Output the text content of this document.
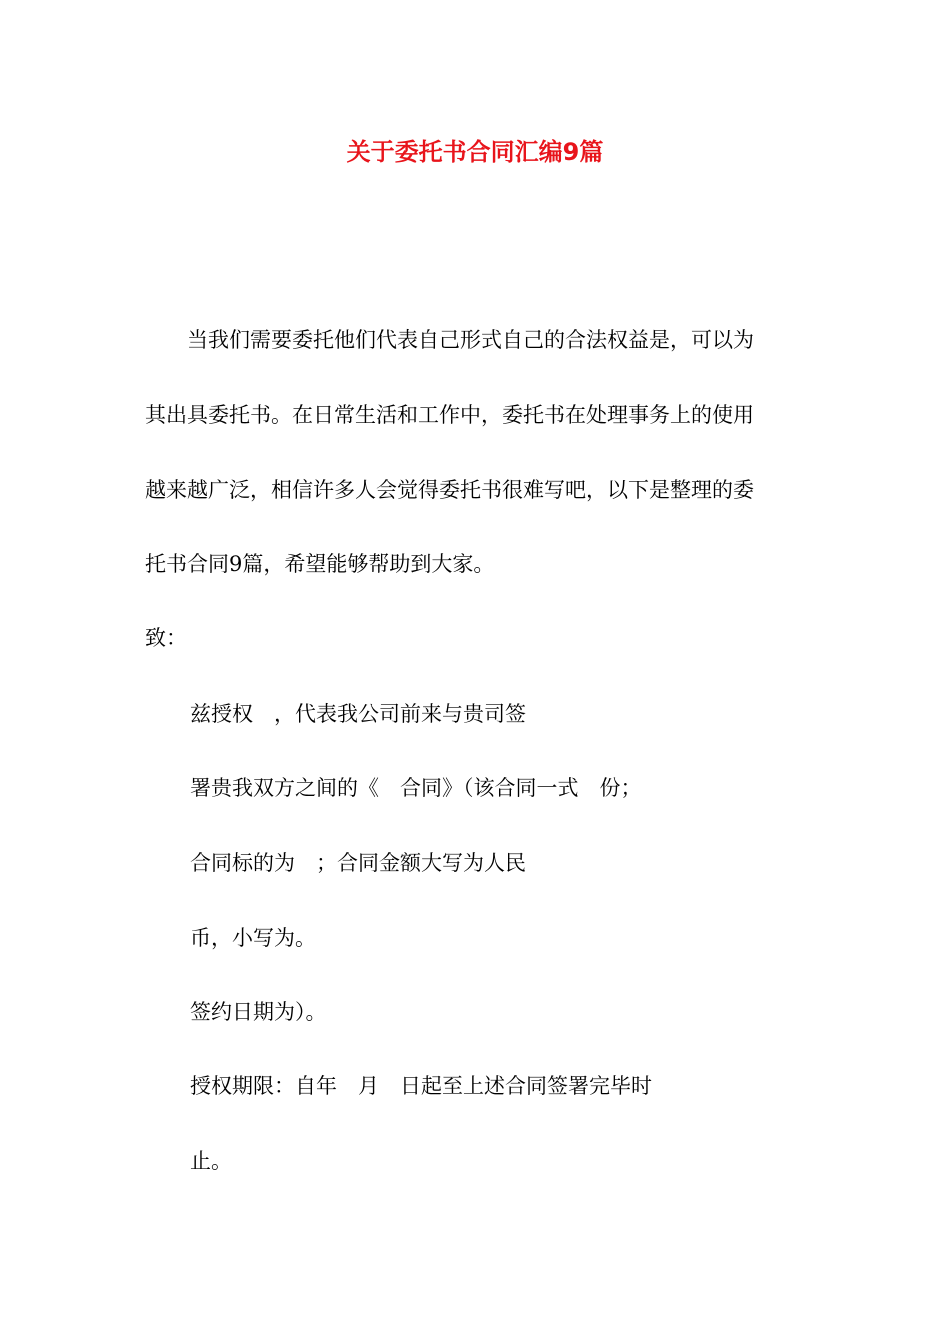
关于委托书合同汇编9篇
　　当我们需要委托他们代表自己形式自己的合法权益是，可以为
其出具委托书。在日常生活和工作中，委托书在处理事务上的使用
越来越广泛，相信许多人会觉得委托书很难写吧，以下是整理的委
托书合同9篇，希望能够帮助到大家。
致：
兹授权　，代表我公司前来与贵司签
署贵我双方之间的《　合同》（该合同一式　份；
合同标的为　；合同金额大写为人民
币，小写为。
签约日期为）。
授权期限：自年　月　日起至上述合同签署完毕时
止。
